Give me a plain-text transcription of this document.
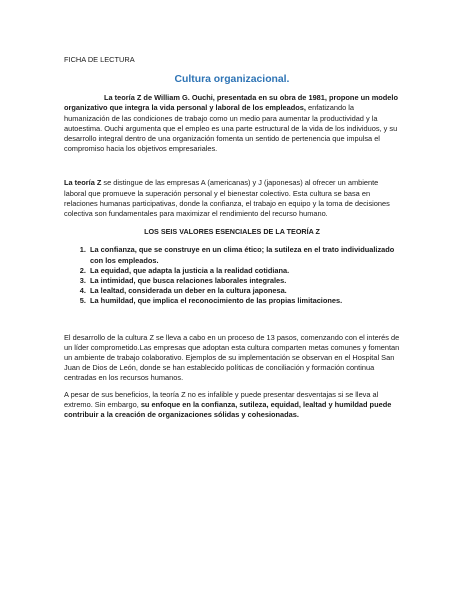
FICHA DE LECTURA

Cultura organizacional.

La teoría Z de William G. Ouchi, presentada en su obra de 1981, propone un modelo organizativo que integra la vida personal y laboral de los empleados, enfatizando la humanización de las condiciones de trabajo como un medio para aumentar la productividad y la autoestima. Ouchi argumenta que el empleo es una parte estructural de la vida de los individuos, y su desarrollo integral dentro de una organización fomenta un sentido de pertenencia que impulsa el compromiso hacia los objetivos empresariales.

La teoría Z se distingue de las empresas A (americanas) y J (japonesas) al ofrecer un ambiente laboral que promueve la superación personal y el bienestar colectivo. Esta cultura se basa en relaciones humanas participativas, donde la confianza, el trabajo en equipo y la toma de decisiones colectiva son fundamentales para maximizar el rendimiento del recurso humano.

LOS SEIS VALORES ESENCIALES DE LA TEORÍA Z

1. La confianza, que se construye en un clima ético; la sutileza en el trato individualizado con los empleados.
2. La equidad, que adapta la justicia a la realidad cotidiana.
3. La intimidad, que busca relaciones laborales integrales.
4. La lealtad, considerada un deber en la cultura japonesa.
5. La humildad, que implica el reconocimiento de las propias limitaciones.

El desarrollo de la cultura Z se lleva a cabo en un proceso de 13 pasos, comenzando con el interés de un líder comprometido.Las empresas que adoptan esta cultura comparten metas comunes y fomentan un ambiente de trabajo colaborativo. Ejemplos de su implementación se observan en el Hospital San Juan de Dios de León, donde se han establecido políticas de conciliación y formación continua centradas en los recursos humanos.

A pesar de sus beneficios, la teoría Z no es infalible y puede presentar desventajas si se lleva al extremo. Sin embargo, su enfoque en la confianza, sutileza, equidad, lealtad y humildad puede contribuir a la creación de organizaciones sólidas y cohesionadas.
